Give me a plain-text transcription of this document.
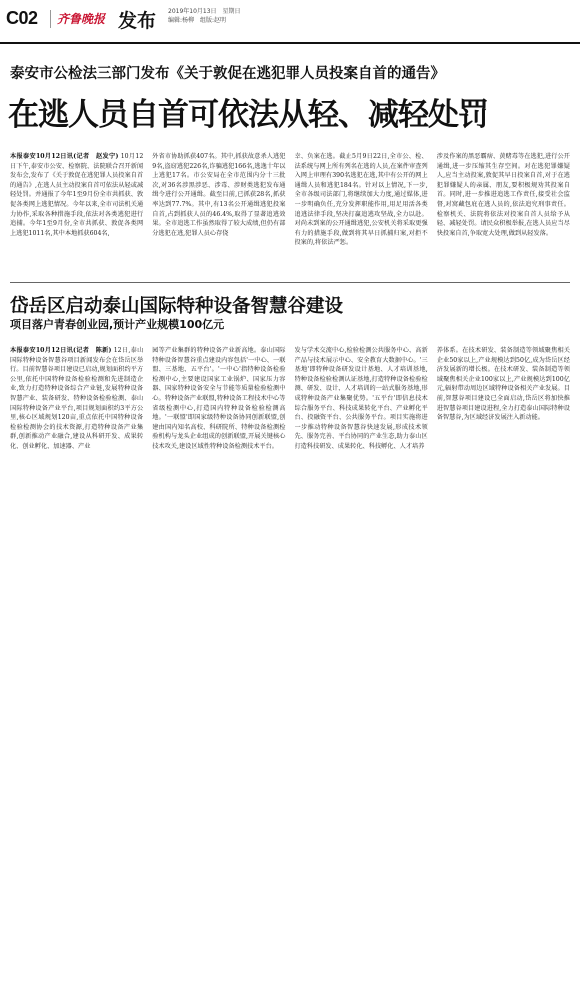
C02	齐鲁晚报 发布 2019年10月13日　星期日
编辑:杨柳　组版:赵明
泰安市公检法三部门发布《关于敦促在逃犯罪人员投案自首的通告》
在逃人员自首可依法从轻、减轻处罚
本报泰安10月12日讯(记者　赵发宁) 10月12日下午,泰安市公安、检察院、法院联合召开新闻发布会,发布了《关于敦促在逃犯罪人员投案自首的通告》,在逃人员主动投案自首可依法从轻或减轻处罚。并通报了今年1至9月份全市共抓获、敦促各类网上逃犯情况。今年以来,全市司法机关通力协作,采取各种措施手段,依法对各类逃犯进行追捕。今年1至9月份,全市共抓获、敦促各类网上逃犯1011名,其中本地抓获604名,
外省市协助抓获407名。其中,抓获故意杀人逃犯9名,盗窃逃犯226名,诈骗逃犯166名,逃逸十年以上逃犯17名。市公安局在全市范围内分十三批次,对36名涉黑涉恶、涉毒、涉财类逃犯发布通缉令进行公开通缉。截至目前,已抓获28名,抓获率达到77.7%。其中,有13名公开通缉逃犯投案自首,占到抓获人员的46.4%,取得了显著追逃效果。全市追逃工作虽然取得了较大成绩,但仍有部分逃犯在逃,犯罪人员心存侥
幸、负案在逃。截止5月9日22日,全市公、检、法系统与网上所有列名在逃的人员,在案件审查列入网上审理有390名逃犯在逃,其中有公开的网上通缉人员和逃犯184名。针对以上情况,下一步,全市各级司法部门,将继续加大力度,通过媒体,进一步明确负任,充分发挥职能作用,用足用活各类追逃法律手段,坚决打赢追逃攻坚战,全力以赴。对尚未到案的公开通缉逃犯,公安机关将采取更强有力的措施手段,做到将其早日抓捕归案,对拒不投案的,将依法严惩。
涉及作案的黑恶霸痞、黄赌毒等在逃犯,进行公开通缉,进一步压缩其生存空间。对在逃犯罪嫌疑人,应当主动投案,敦促其早日投案自首,对于在逃犯罪嫌疑人的亲属、朋友,要积极规劝其投案自首。同时,进一步推进追逃工作责任,接受社会监督,对窝藏包庇在逃人员的,依法追究刑事责任。检察机关、法院将依法对投案自首人员给予从轻、减轻处罚。请民众积极举报,在逃人员应当尽快投案自首,争取宽大处理,做到从轻发落。
岱岳区启动泰山国际特种设备智慧谷建设
项目落户青春创业园,预计产业规模100亿元
本报泰安10月12日讯(记者　陈新) 12日,泰山国际特种设备智慧谷项目新闻发布会在岱岳区举行。目前智慧谷项目建设已启动,规划面积约平方公里,依托中国特种设备检验检测和先进制造企业,致力打造特种设备综合产业链,发展特种设备智慧产业、装备研发、特种设备检验检测、泰山国际特种设备产业平台,项目规划面积约3平方公里,核心区域规划120亩,重点依托中国特种设备检验检测协会的技术资源,打造特种设备产业集群,创新推动产业融合,建设从科研开发、成果转化、创业孵化、加速器、产业
园等产业集群的特种设备产业新高地。泰山国际特种设备智慧谷重点建设内容包括'一中心、一联盟、三基地、五平台'。'一中心'指特种设备检验检测中心,主要建设国家工业锅炉、国家压力容器、国家特种设备安全与节能等质量检验检测中心。特种设备产业联盟,特种设备工程技术中心等省级检测中心,打造国内特种设备检验检测高地。'一联盟'即国家级特种设备协同创新联盟,创建由国内知名高校、科研院所、特种设备检测检验机构与龙头企业组成的创新联盟,开展关键核心技术攻关,建设区域性特种设备检测技术平台。
发与学术交流中心,检验检测公共服务中心、高新产品与技术展示中心、安全教育大数据中心。'三基地'即特种设备研发设计基地、人才培训基地,特种设备检验检测认证基地,打造特种设备检验检测、研发、设计、人才培训的一站式服务基地,形成特种设备产业集聚优势。'五平台'即信息技术综合服务平台、科技成果转化平台、产业孵化平台、投融资平台、公共服务平台。项目实施将进一步推动特种设备智慧谷快速发展,形成技术领先、服务完善、平台协同的产业生态,助力泰山区打造科技研发、成果转化、科技孵化、人才培养
养体系。在技术研发、装备制造等领域聚焦相关企业50家以上,产业规模达到50亿,成为岱岳区经济发展新的增长极。在技术研发、装备制造等领域聚焦相关企业100家以上,产业规模达到100亿元,辐射带动周边区域特种设备相关产业发展。目前,智慧谷项目建设已全面启动,岱岳区将加快推进智慧谷项目建设进程,全力打造泰山国际特种设备智慧谷,为区域经济发展注入新动能。
